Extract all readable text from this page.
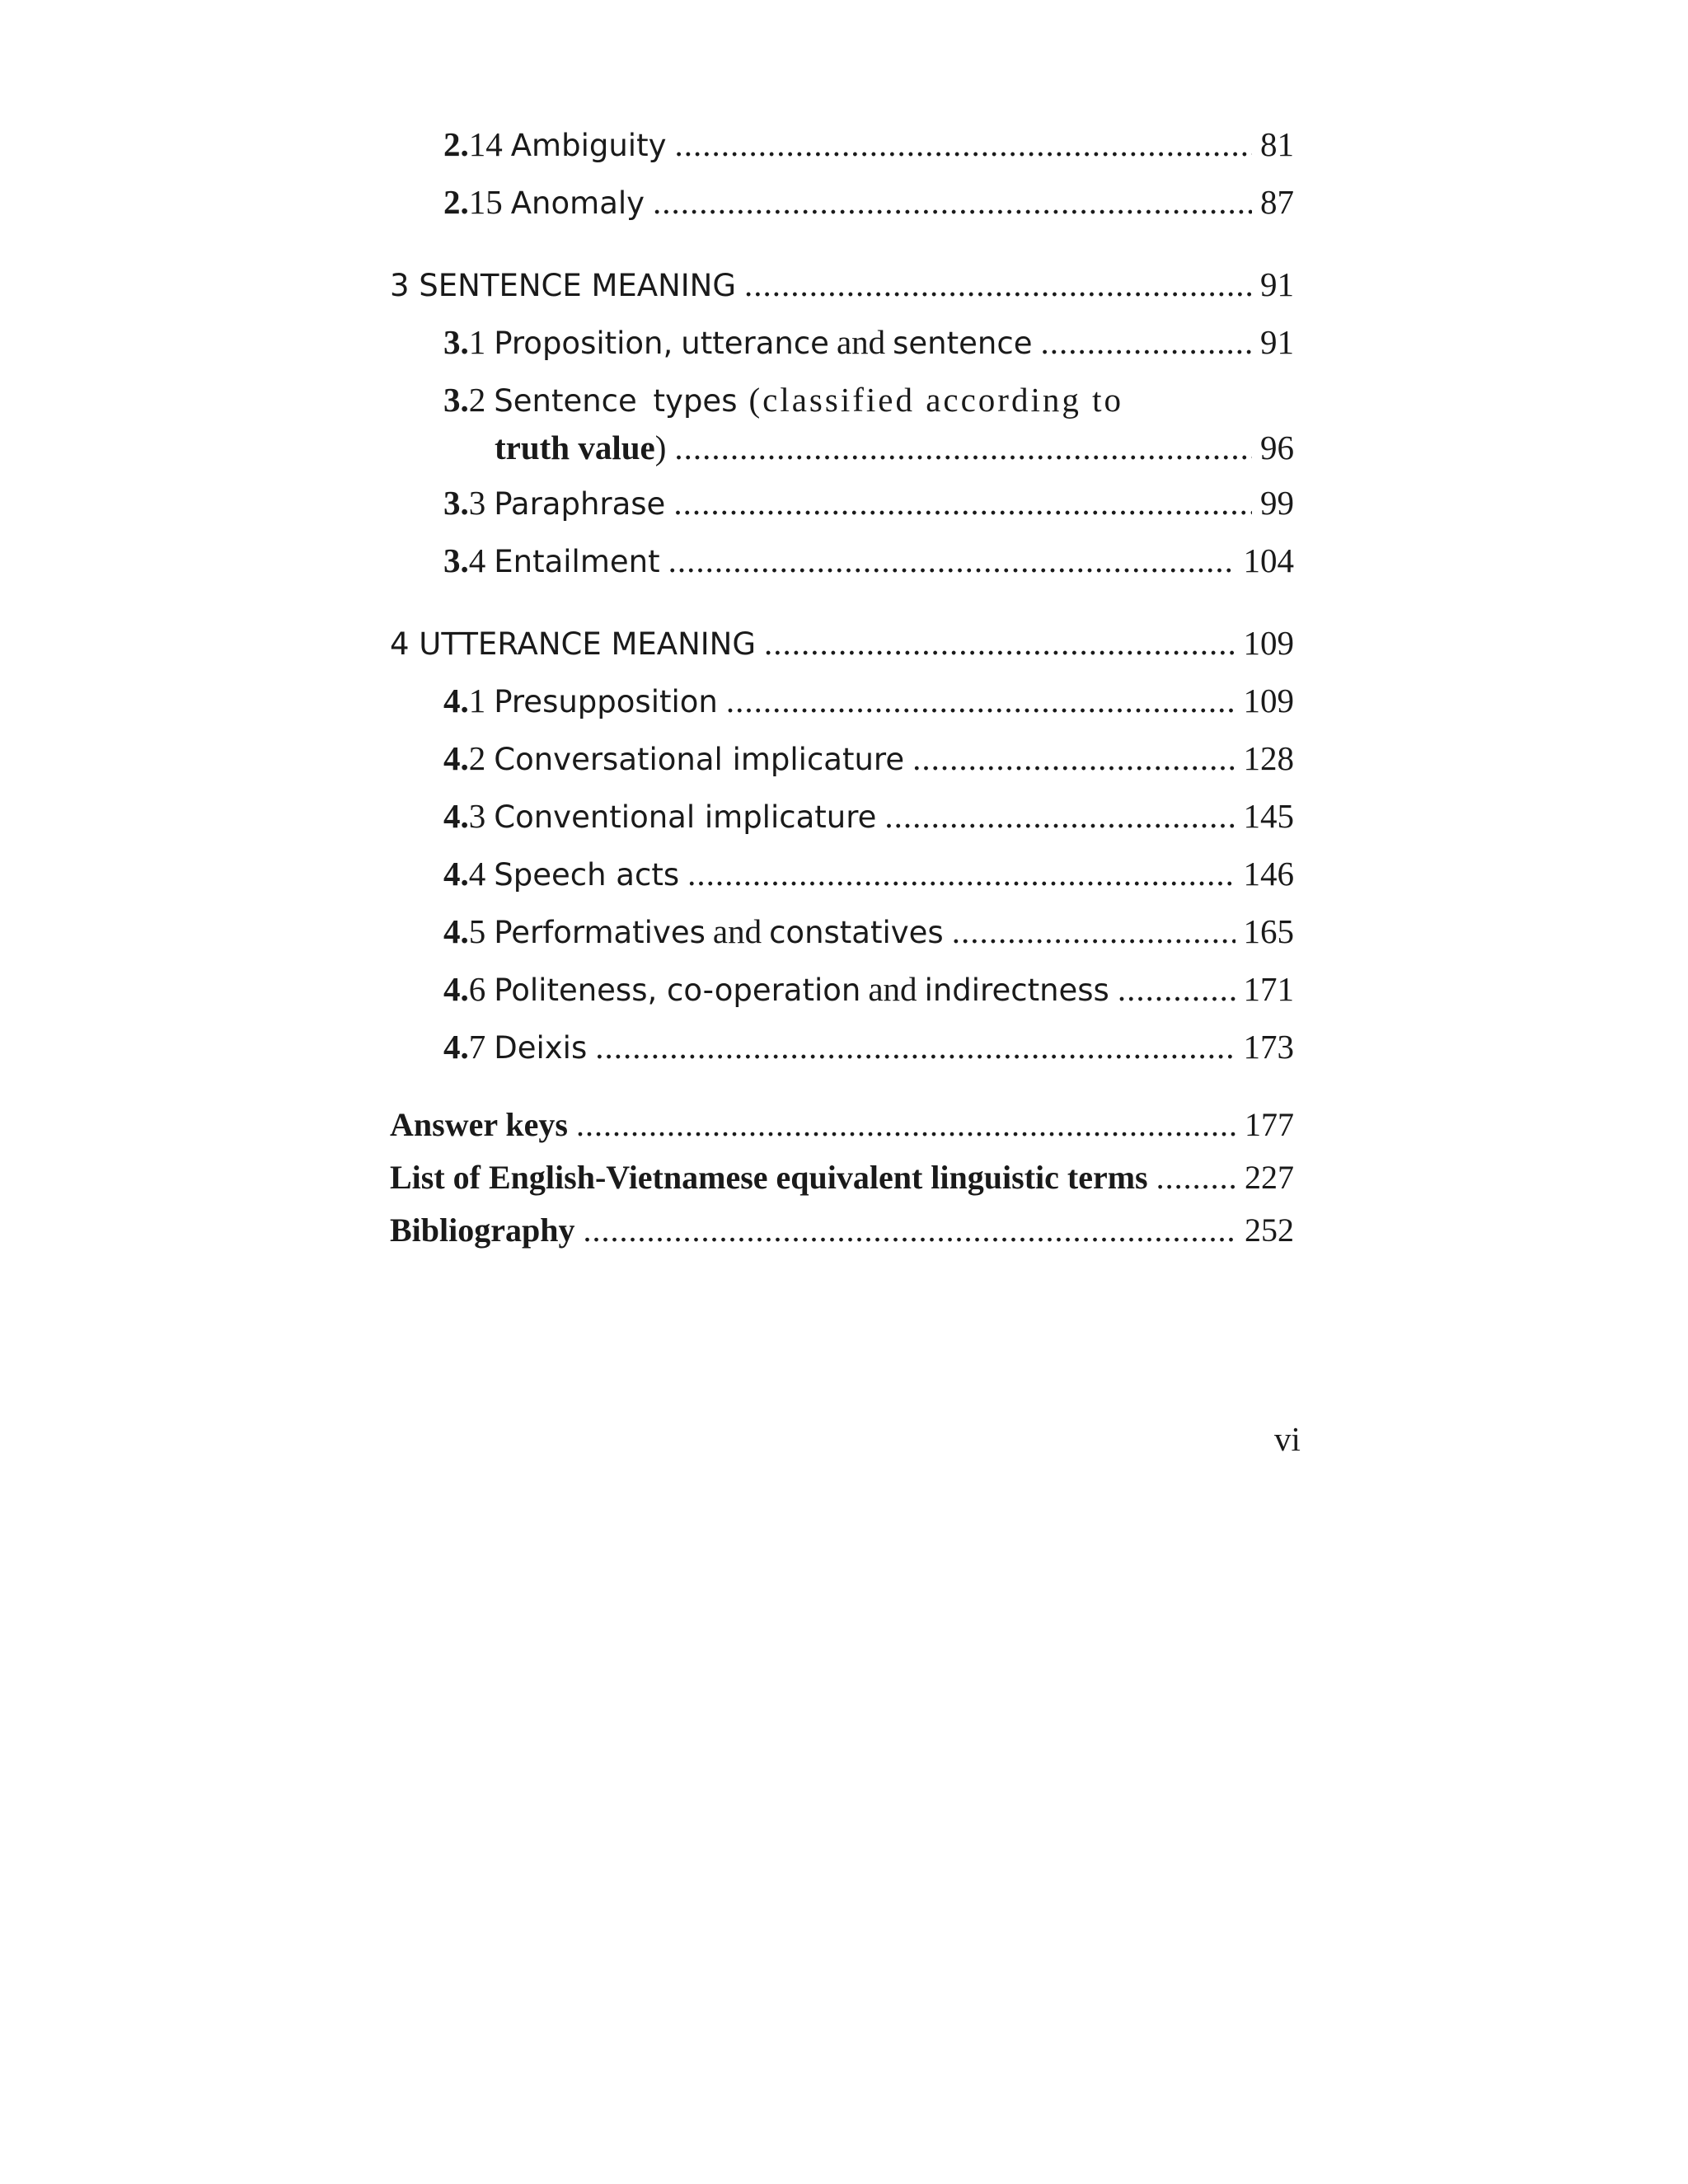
2.14 Ambiguity .....	81
2.15 Anomaly .....	87
3 SENTENCE MEANING .....	91
3.1 Proposition, utterance and sentence .....	91
3.2 Sentence types (classified according to
truth value ) .....	96
3.3 Paraphrase .....	99
3.4 Entailment .....	104
4 UTTERANCE MEANING .....	109
4.1 Presupposition .....	109
4.2 Conversational implicature .....	128
4.3 Conventional implicature .....	145
4.4 Speech acts .....	146
4.5 Performatives and constatives .....	165
4.6 Politeness, co-operation and indirectness .....	171
4.7 Deixis .....	173
Answer keys .....	177
List of English-Vietnamese equivalent linguistic terms .....	227
Bibliography .....	252
vi
